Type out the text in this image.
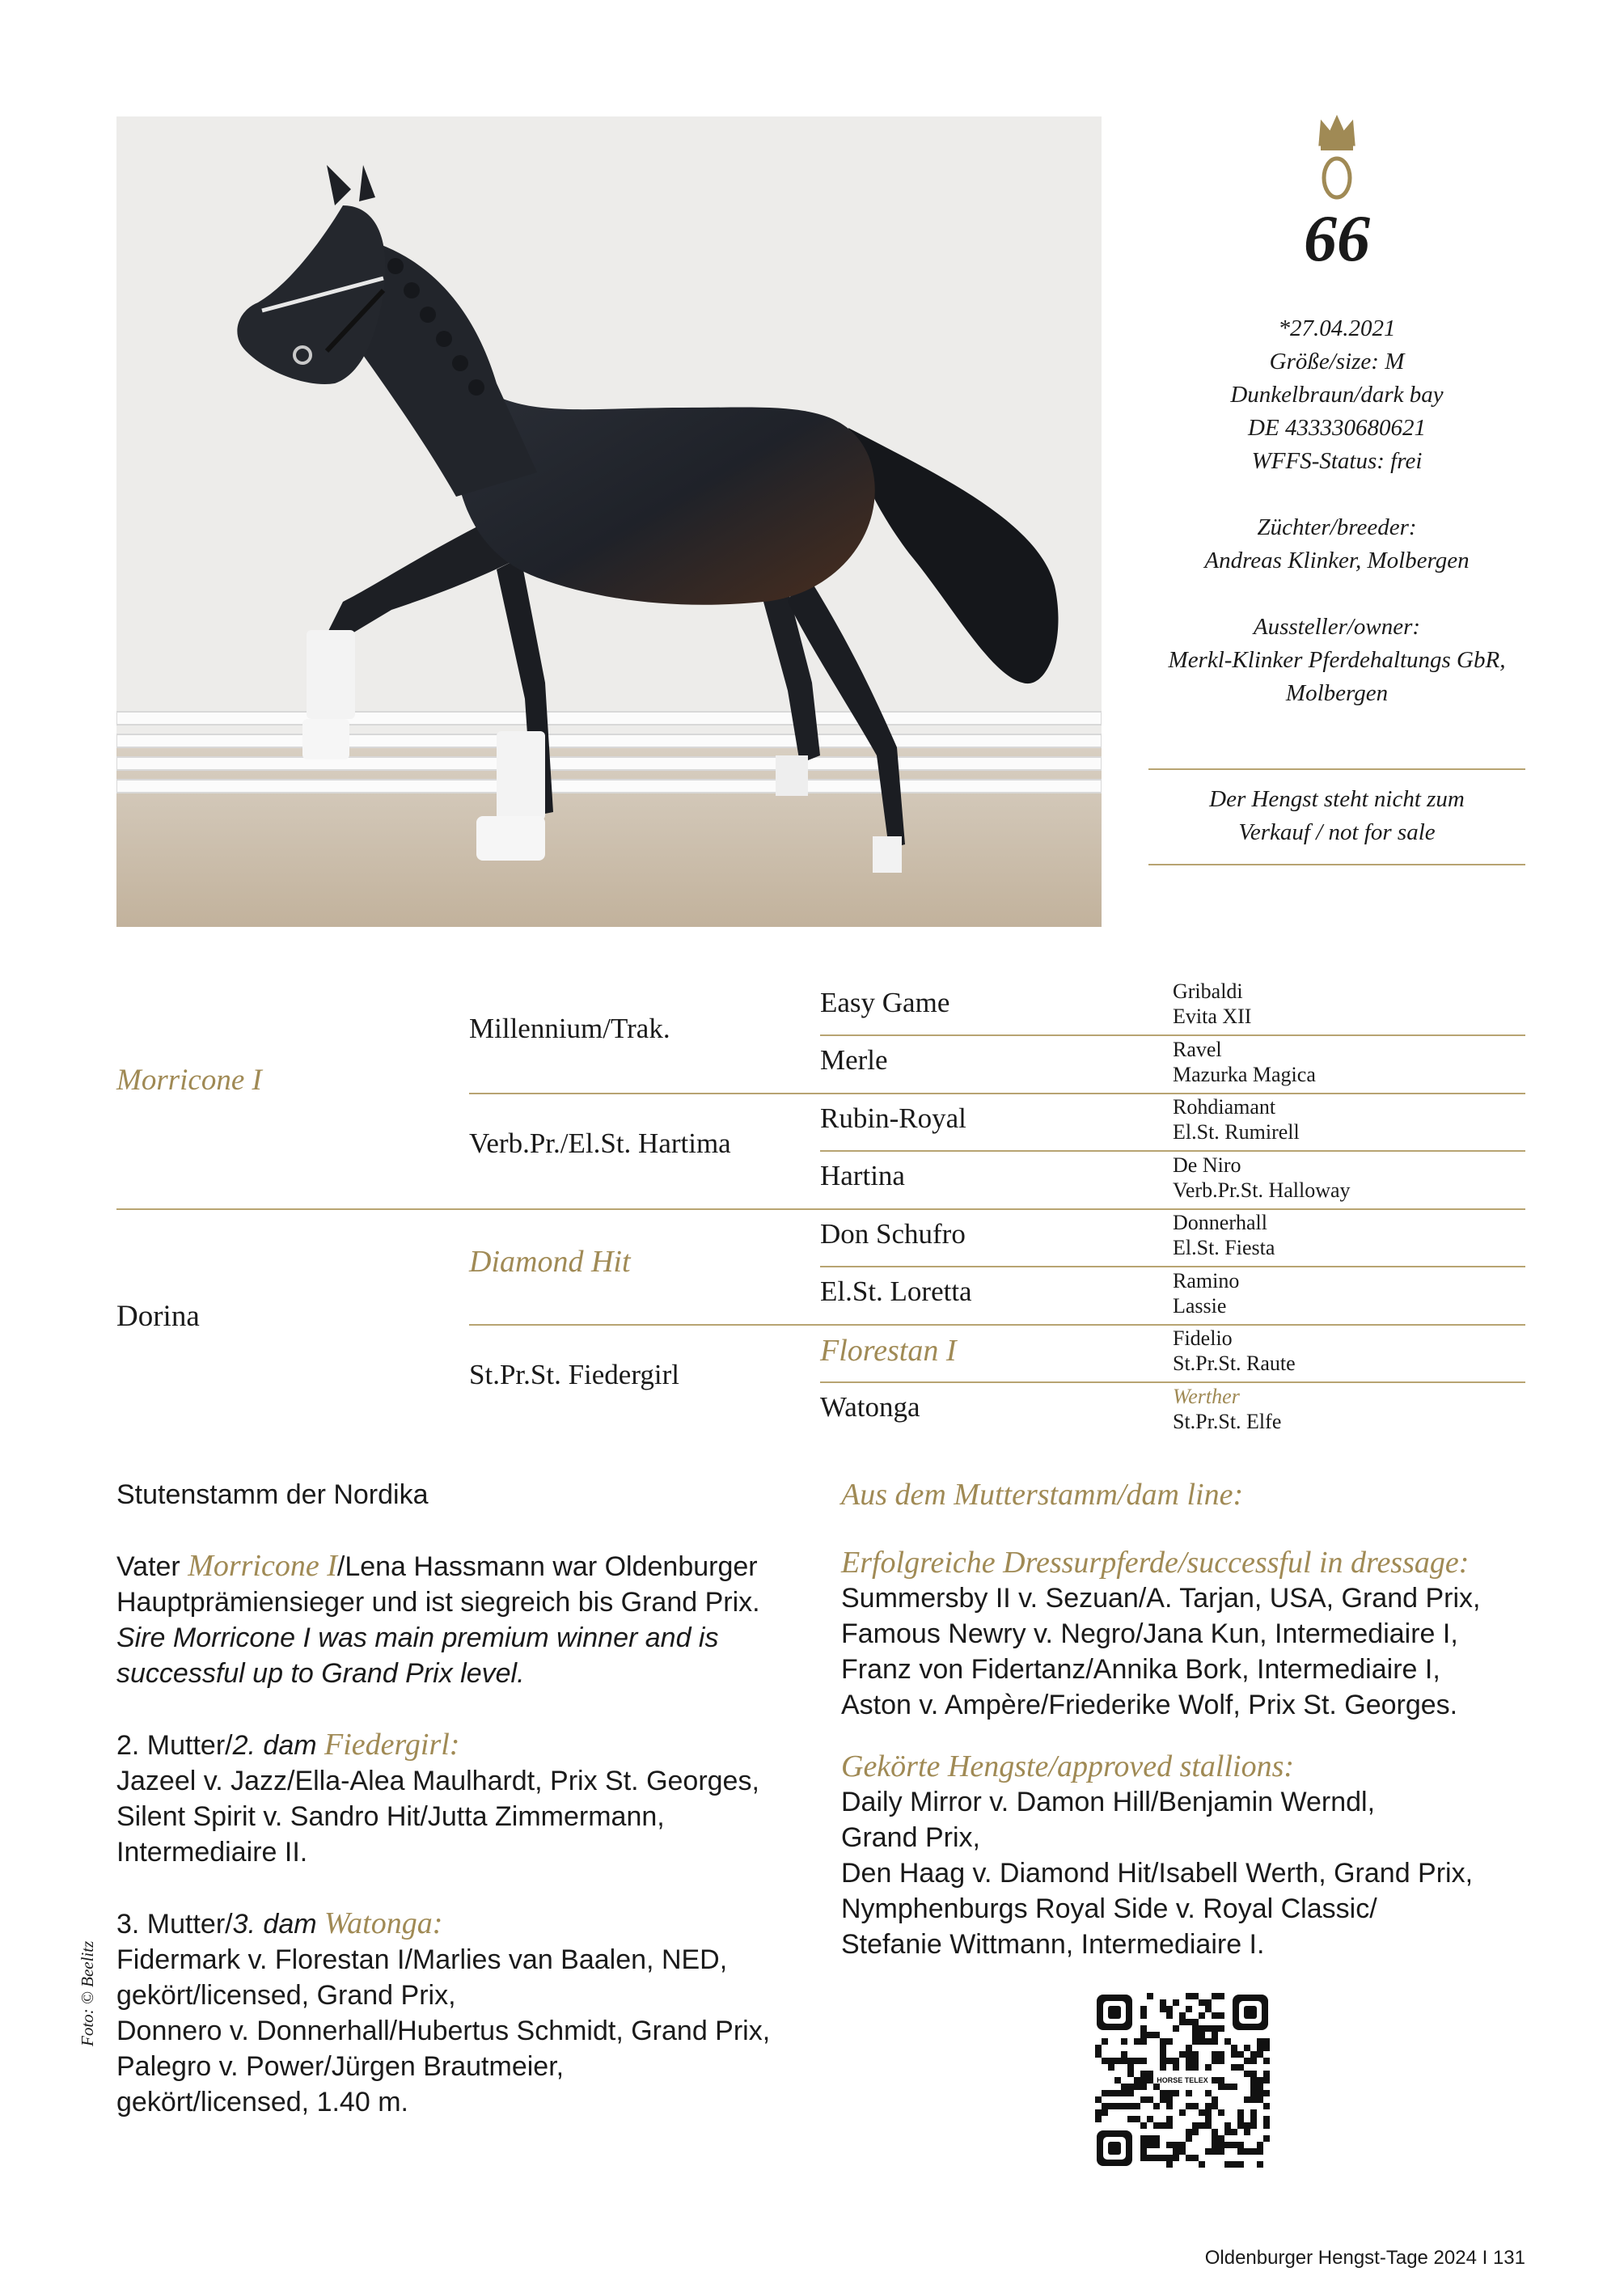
66
*27.04.2021
Größe/size: M
Dunkelbraun/dark bay
DE 433330680621
WFFS-Status: frei
Züchter/breeder:
Andreas Klinker, Molbergen
Aussteller/owner:
Merkl-Klinker Pferdehaltungs GbR,
Molbergen
Der Hengst steht nicht zum
Verkauf / not for sale
Morricone I
Dorina
Millennium/Trak.
Verb.Pr./El.St. Hartima
Diamond Hit
St.Pr.St. Fiedergirl
Easy Game
Merle
Rubin-Royal
Hartina
Don Schufro
El.St. Loretta
Florestan I
Watonga
Gribaldi
Evita XII
Ravel
Mazurka Magica
Rohdiamant
El.St. Rumirell
De Niro
Verb.Pr.St. Halloway
Donnerhall
El.St. Fiesta
Ramino
Lassie
Fidelio
St.Pr.St. Raute
Werther
St.Pr.St. Elfe

Stutenstamm der Nordika

Vater Morricone I/Lena Hassmann war Oldenburger

Hauptprämiensieger und ist siegreich bis Grand Prix.

Sire Morricone I was main premium winner and is

successful up to Grand Prix level.

2. Mutter/2. dam Fiedergirl:

Jazeel v. Jazz/Ella-Alea Maulhardt, Prix St. Georges,

Silent Spirit v. Sandro Hit/Jutta Zimmermann,

Intermediaire II.

3. Mutter/3. dam Watonga:

Fidermark v. Florestan I/Marlies van Baalen, NED,

gekört/licensed, Grand Prix,

Donnero v. Donnerhall/Hubertus Schmidt, Grand Prix,

Palegro v. Power/Jürgen Brautmeier,

gekört/licensed, 1.40 m.

Aus dem Mutterstamm/dam line:

Erfolgreiche Dressurpferde/successful in dressage:

Summersby II v. Sezuan/A. Tarjan, USA, Grand Prix,

Famous Newry v. Negro/Jana Kun, Intermediaire I,

Franz von Fidertanz/Annika Bork, Intermediaire I,

Aston v. Ampère/Friederike Wolf, Prix St. Georges.

Gekörte Hengste/approved stallions:

Daily Mirror v. Damon Hill/Benjamin Werndl,

Grand Prix,

Den Haag v. Diamond Hit/Isabell Werth, Grand Prix,

Nymphenburgs Royal Side v. Royal Classic/

Stefanie Wittmann, Intermediaire I.

HORSE TELEX
Foto: © Beelitz
Oldenburger Hengst-Tage 2024 I 131
